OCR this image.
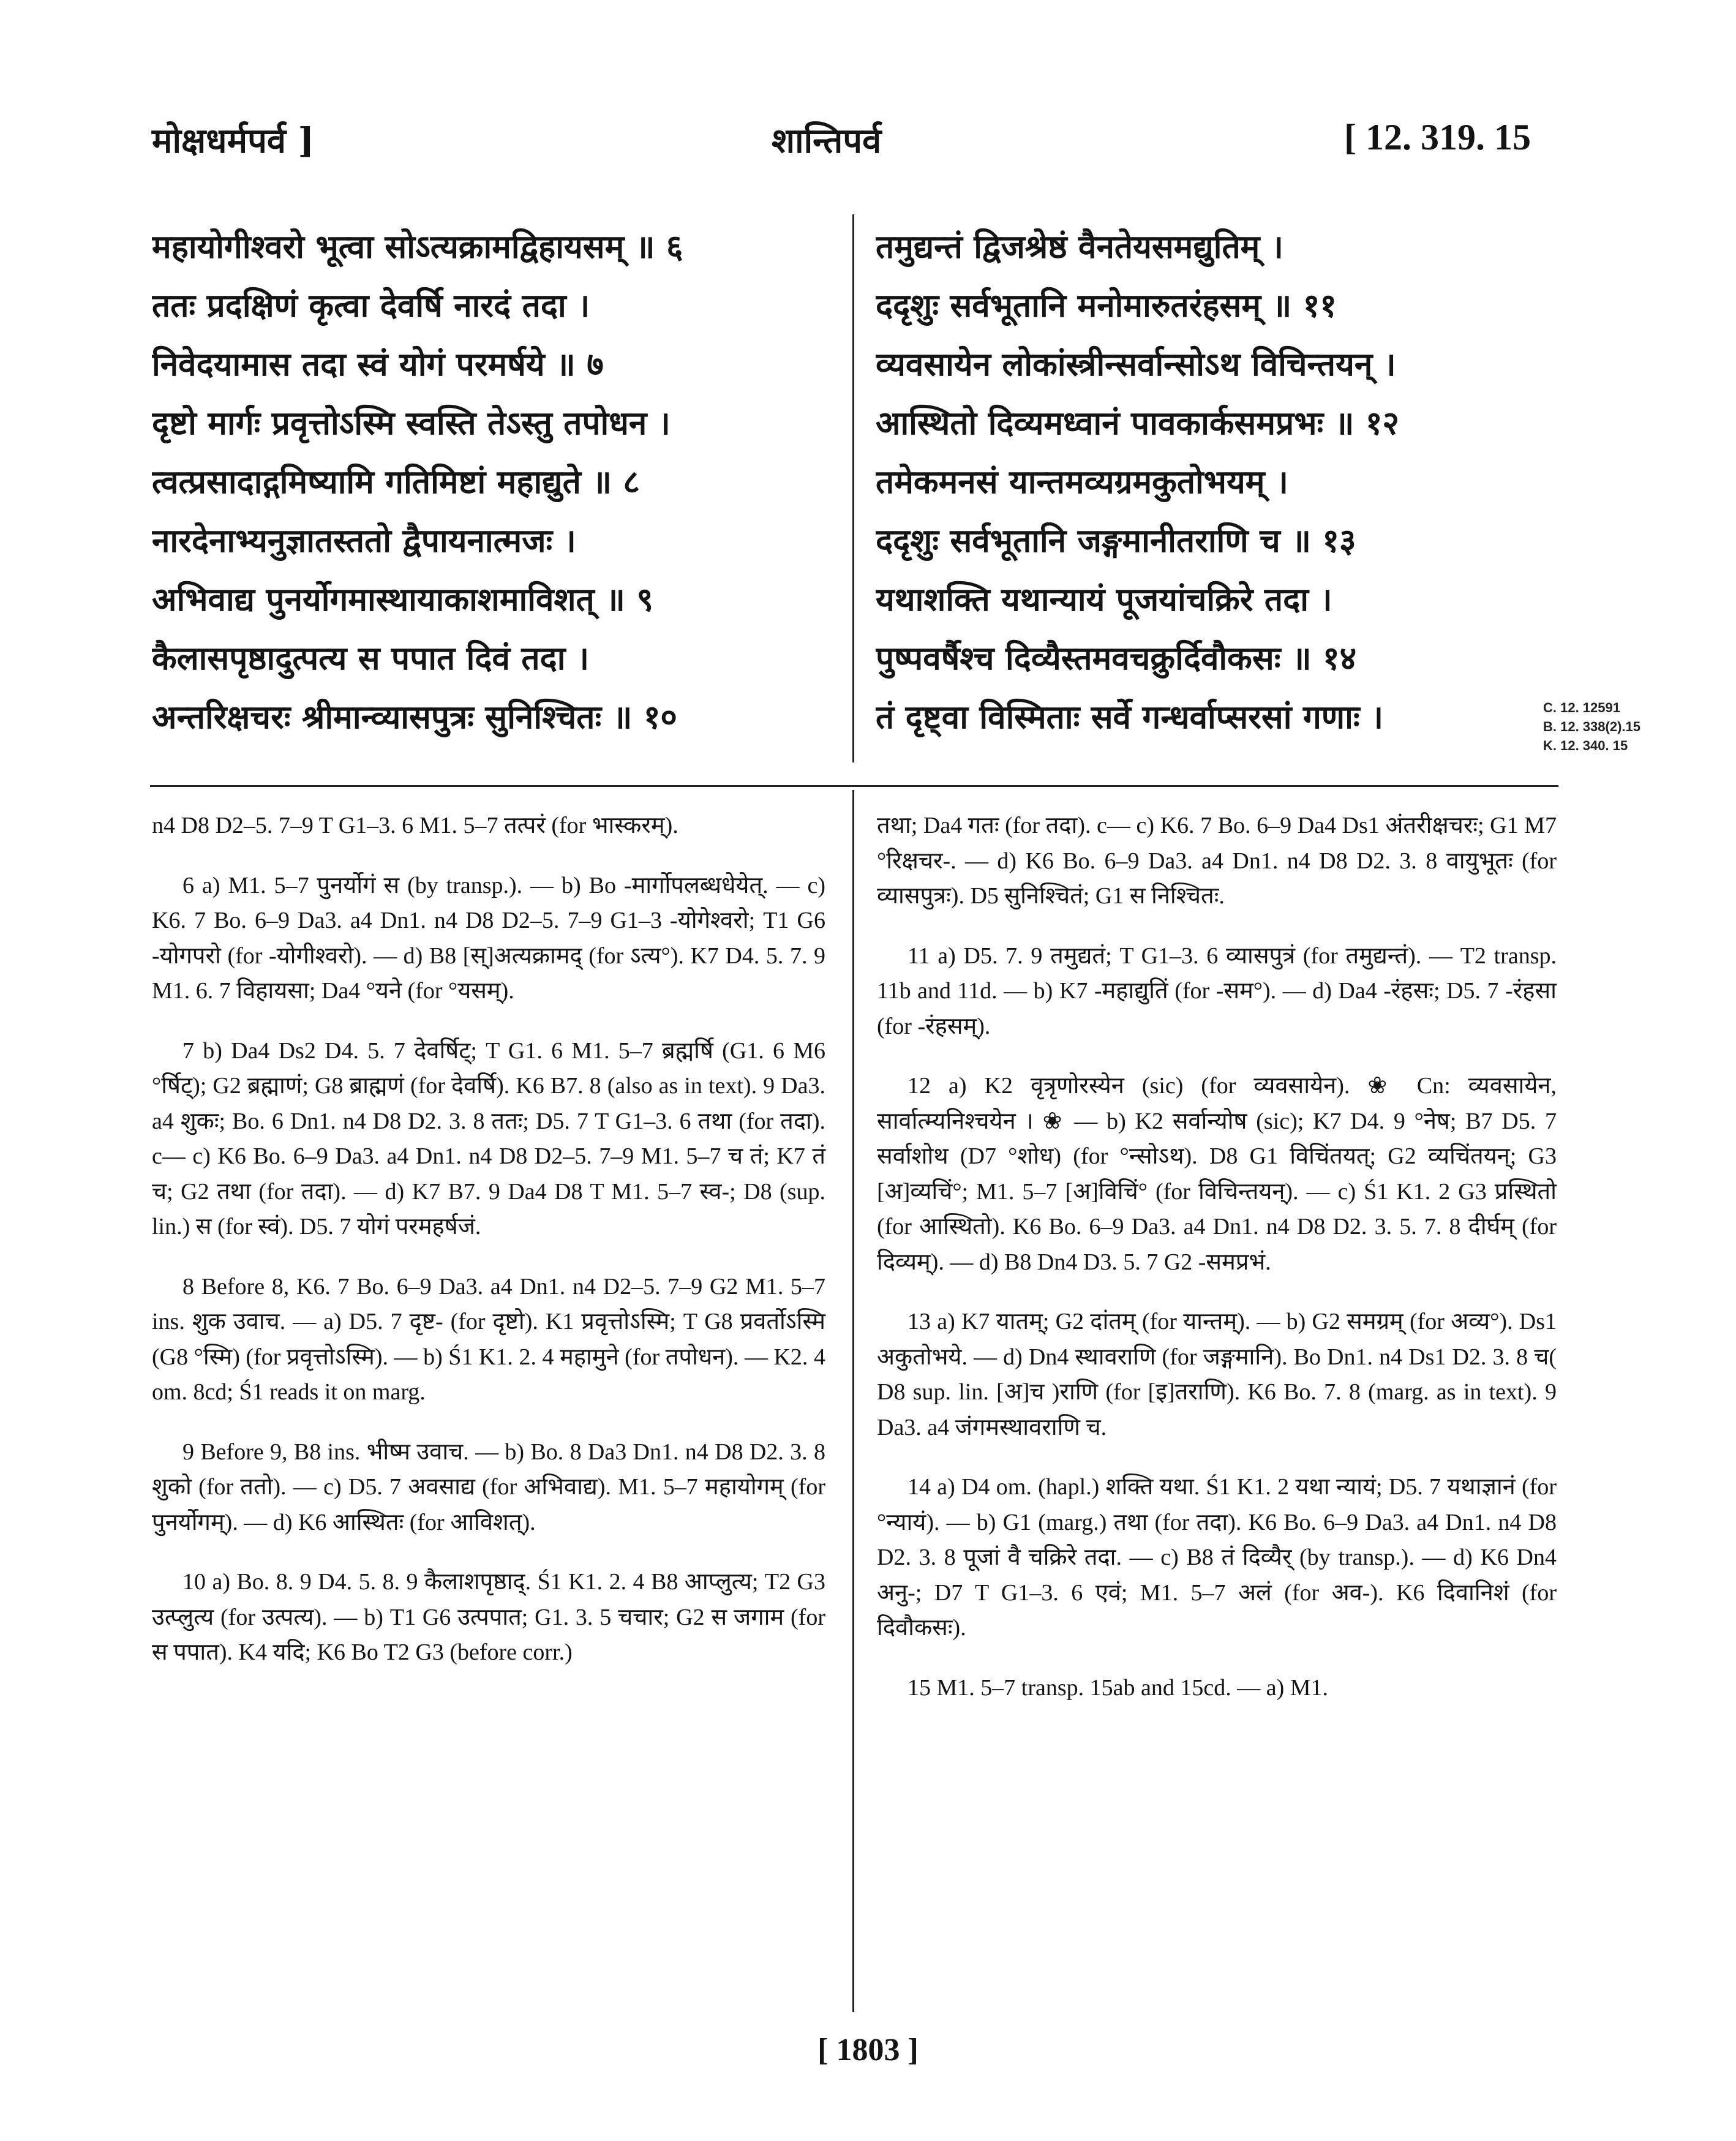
मोक्षधर्मपर्व ]	शान्तिपर्व	[ 12. 319. 15
महायोगीश्वरो भूत्वा सोऽत्यक्रामद्विहायसम् ॥ ६
ततः प्रदक्षिणं कृत्वा देवर्षि नारदं तदा ।
निवेदयामास तदा स्वं योगं परमर्षये ॥ ७
दृष्टो मार्गः प्रवृत्तोऽस्मि स्वस्ति तेऽस्तु तपोधन ।
त्वत्प्रसादाद्गमिष्यामि गतिमिष्टां महाद्युते ॥ ८
नारदेनाभ्यनुज्ञातस्ततो द्वैपायनात्मजः ।
अभिवाद्य पुनर्योगमास्थायाकाशमाविशत् ॥ ९
कैलासपृष्ठादुत्पत्य स पपात दिवं तदा ।
अन्तरिक्षचरः श्रीमान्व्यासपुत्रः सुनिश्चितः ॥ १०
तमुद्यन्तं द्विजश्रेष्ठं वैनतेयसमद्युतिम् ।
ददृशुः सर्वभूतानि मनोमारुतरंहसम् ॥ ११
व्यवसायेन लोकांस्त्रीन्सर्वान्सोऽथ विचिन्तयन् ।
आस्थितो दिव्यमध्वानं पावकार्कसमप्रभः ॥ १२
तमेकमनसं यान्तमव्यग्रमकुतोभयम् ।
ददृशुः सर्वभूतानि जङ्गमानीतराणि च ॥ १३
यथाशक्ति यथान्यायं पूजयांचक्रिरे तदा ।
पुष्पवर्षैश्च दिव्यैस्तमवचक्रुर्दिवौकसः ॥ १४
तं दृष्ट्वा विस्मिताः सर्वे गन्धर्वाप्सरसां गणाः ।	C. 12. 12591
B. 12. 338(2).15
K. 12. 340. 15

n4 D8 D2–5. 7–9 T G1–3. 6 M1. 5–7 तत्परं (for भास्करम्).

6 a) M1. 5–7 पुनर्योगं स (by transp.). — b) Bo -मार्गोपलब्धधेयेत्. — c) K6. 7 Bo. 6–9 Da3. a4 Dn1. n4 D8 D2–5. 7–9 G1–3 -योगेश्वरो; T1 G6 -योगपरो (for -योगीश्वरो). — d) B8 [स्]अत्यक्रामद् (for ऽत्य°). K7 D4. 5. 7. 9 M1. 6. 7 विहायसा; Da4 °यने (for °यसम्).

7 b) Da4 Ds2 D4. 5. 7 देवर्षिट्; T G1. 6 M1. 5–7 ब्रह्मर्षि (G1. 6 M6 °र्षिट्); G2 ब्रह्माणं; G8 ब्राह्मणं (for देवर्षि). K6 B7. 8 (also as in text). 9 Da3. a4 शुकः; Bo. 6 Dn1. n4 D8 D2. 3. 8 ततः; D5. 7 T G1–3. 6 तथा (for तदा). c— c) K6 Bo. 6–9 Da3. a4 Dn1. n4 D8 D2–5. 7–9 M1. 5–7 च तं; K7 तं च; G2 तथा (for तदा). — d) K7 B7. 9 Da4 D8 T M1. 5–7 स्व-; D8 (sup. lin.) स (for स्वं). D5. 7 योगं परमहर्षजं.

8 Before 8, K6. 7 Bo. 6–9 Da3. a4 Dn1. n4 D2–5. 7–9 G2 M1. 5–7 ins. शुक उवाच. — a) D5. 7 दृष्ट- (for दृष्टो). K1 प्रवृत्तोऽस्मि; T G8 प्रवर्तोऽस्मि (G8 °स्मि) (for प्रवृत्तोऽस्मि). — b) Ś1 K1. 2. 4 महामुने (for तपोधन). — K2. 4 om. 8cd; Ś1 reads it on marg.

9 Before 9, B8 ins. भीष्म उवाच. — b) Bo. 8 Da3 Dn1. n4 D8 D2. 3. 8 शुको (for ततो). — c) D5. 7 अवसाद्य (for अभिवाद्य). M1. 5–7 महायोगम् (for पुनर्योगम्). — d) K6 आस्थितः (for आविशत्).

10 a) Bo. 8. 9 D4. 5. 8. 9 कैलाशपृष्ठाद्. Ś1 K1. 2. 4 B8 आप्लुत्य; T2 G3 उत्प्लुत्य (for उत्पत्य). — b) T1 G6 उत्पपात; G1. 3. 5 चचार; G2 स जगाम (for स पपात). K4 यदि; K6 Bo T2 G3 (before corr.)

तथा; Da4 गतः (for तदा). c— c) K6. 7 Bo. 6–9 Da4 Ds1 अंतरीक्षचरः; G1 M7 °रिक्षचर-. — d) K6 Bo. 6–9 Da3. a4 Dn1. n4 D8 D2. 3. 8 वायुभूतः (for व्यासपुत्रः). D5 सुनिश्चितं; G1 स निश्चितः.

11 a) D5. 7. 9 तमुद्यतं; T G1–3. 6 व्यासपुत्रं (for तमुद्यन्तं). — T2 transp. 11b and 11d. — b) K7 -महाद्युतिं (for -सम°). — d) Da4 -रंहसः; D5. 7 -रंहसा (for -रंहसम्).

12 a) K2 वृत्रृणोरस्येन (sic) (for व्यवसायेन). ❀ Cn: व्यवसायेन, सार्वात्म्यनिश्चयेन । ❀ — b) K2 सर्वान्योष (sic); K7 D4. 9 °नेष; B7 D5. 7 सर्वाशोथ (D7 °शोध) (for °न्सोऽथ). D8 G1 विचिंतयत्; G2 व्यचिंतयन्; G3 [अ]व्यचिं°; M1. 5–7 [अ]विचिं° (for विचिन्तयन्). — c) Ś1 K1. 2 G3 प्रस्थितो (for आस्थितो). K6 Bo. 6–9 Da3. a4 Dn1. n4 D8 D2. 3. 5. 7. 8 दीर्घम् (for दिव्यम्). — d) B8 Dn4 D3. 5. 7 G2 -समप्रभं.

13 a) K7 यातम्; G2 दांतम् (for यान्तम्). — b) G2 समग्रम् (for अव्य°). Ds1 अकुतोभये. — d) Dn4 स्थावराणि (for जङ्गमानि). Bo Dn1. n4 Ds1 D2. 3. 8 च( D8 sup. lin. [अ]च )राणि (for [इ]तराणि). K6 Bo. 7. 8 (marg. as in text). 9 Da3. a4 जंगमस्थावराणि च.

14 a) D4 om. (hapl.) शक्ति यथा. Ś1 K1. 2 यथा न्यायं; D5. 7 यथाज्ञानं (for °न्यायं). — b) G1 (marg.) तथा (for तदा). K6 Bo. 6–9 Da3. a4 Dn1. n4 D8 D2. 3. 8 पूजां वै चक्रिरे तदा. — c) B8 तं दिव्यैर् (by transp.). — d) K6 Dn4 अनु-; D7 T G1–3. 6 एवं; M1. 5–7 अलं (for अव-). K6 दिवानिशं (for दिवौकसः).

15 M1. 5–7 transp. 15ab and 15cd. — a) M1.

[ 1803 ]
